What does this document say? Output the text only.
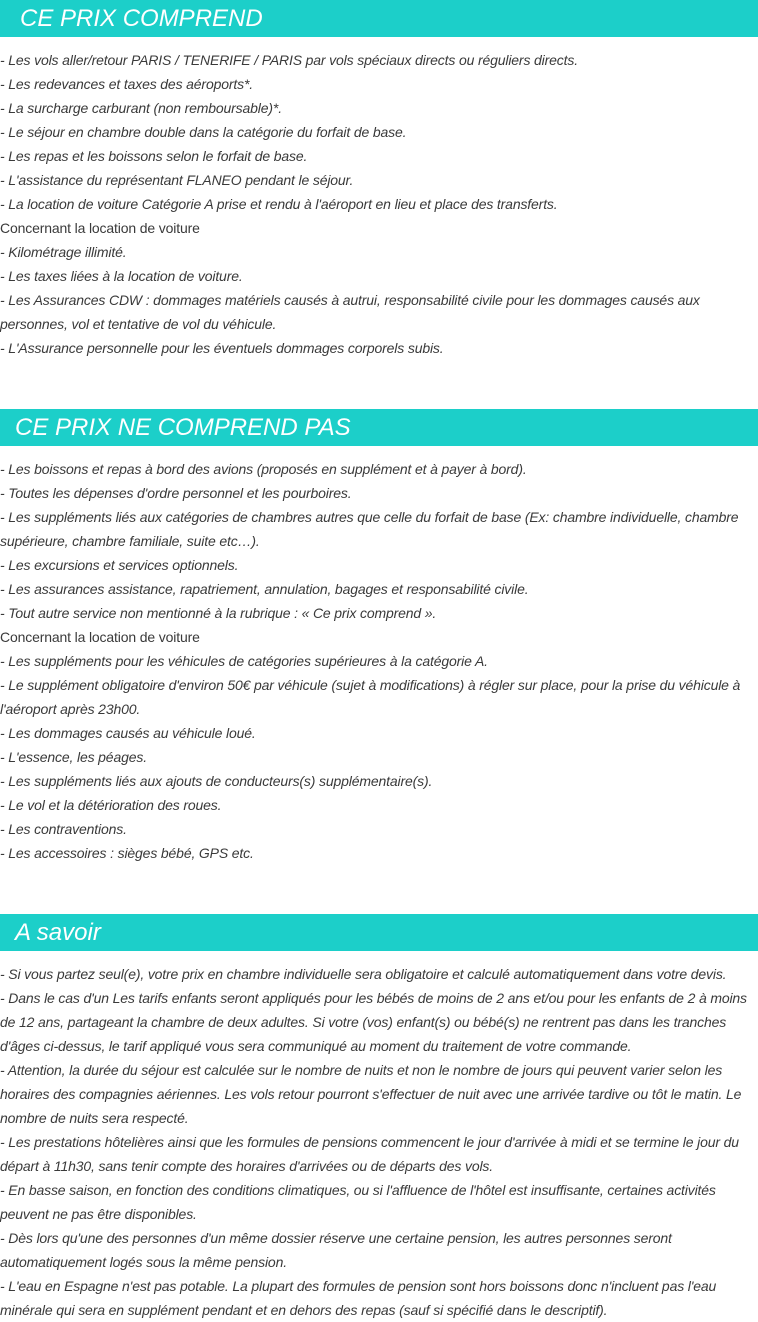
CE PRIX COMPREND
- Les vols aller/retour PARIS / TENERIFE / PARIS par vols spéciaux directs ou réguliers directs.
- Les redevances et taxes des aéroports*.
- La surcharge carburant (non remboursable)*.
- Le séjour en chambre double dans la catégorie du forfait de base.
- Les repas et les boissons selon le forfait de base.
- L'assistance du représentant FLANEO pendant le séjour.
- La location de voiture Catégorie A prise et rendu à l'aéroport en lieu et place des transferts.
Concernant la location de voiture
- Kilométrage illimité.
- Les taxes liées à la location de voiture.
- Les Assurances CDW : dommages matériels causés à autrui, responsabilité civile pour les dommages causés aux personnes, vol et tentative de vol du véhicule.
- L'Assurance personnelle pour les éventuels dommages corporels subis.
CE PRIX NE COMPREND PAS
- Les boissons et repas à bord des avions (proposés en supplément et à payer à bord).
- Toutes les dépenses d'ordre personnel et les pourboires.
- Les suppléments liés aux catégories de chambres autres que celle du forfait de base (Ex: chambre individuelle, chambre supérieure, chambre familiale, suite etc…).
- Les excursions et services optionnels.
- Les assurances assistance, rapatriement, annulation, bagages et responsabilité civile.
- Tout autre service non mentionné à la rubrique : « Ce prix comprend ».
Concernant la location de voiture
- Les suppléments pour les véhicules de catégories supérieures à la catégorie A.
- Le supplément obligatoire d'environ 50€ par véhicule (sujet à modifications) à régler sur place, pour la prise du véhicule à l'aéroport après 23h00.
- Les dommages causés au véhicule loué.
- L'essence, les péages.
- Les suppléments liés aux ajouts de conducteurs(s) supplémentaire(s).
- Le vol et la détérioration des roues.
- Les contraventions.
- Les accessoires : sièges bébé, GPS etc.
A savoir
- Si vous partez seul(e), votre prix en chambre individuelle sera obligatoire et calculé automatiquement dans votre devis.
- Dans le cas d'un Les tarifs enfants seront appliqués pour les bébés de moins de 2 ans et/ou pour les enfants de 2 à moins de 12 ans, partageant la chambre de deux adultes. Si votre (vos) enfant(s) ou bébé(s) ne rentrent pas dans les tranches d'âges ci-dessus, le tarif appliqué vous sera communiqué au moment du traitement de votre commande.
- Attention, la durée du séjour est calculée sur le nombre de nuits et non le nombre de jours qui peuvent varier selon les horaires des compagnies aériennes. Les vols retour pourront s'effectuer de nuit avec une arrivée tardive ou tôt le matin. Le nombre de nuits sera respecté.
- Les prestations hôtelières ainsi que les formules de pensions commencent le jour d'arrivée à midi et se termine le jour du départ à 11h30, sans tenir compte des horaires d'arrivées ou de départs des vols.
- En basse saison, en fonction des conditions climatiques, ou si l'affluence de l'hôtel est insuffisante, certaines activités peuvent ne pas être disponibles.
- Dès lors qu'une des personnes d'un même dossier réserve une certaine pension, les autres personnes seront automatiquement logés sous la même pension.
- L'eau en Espagne n'est pas potable. La plupart des formules de pension sont hors boissons donc n'incluent pas l'eau minérale qui sera en supplément pendant et en dehors des repas (sauf si spécifié dans le descriptif).
